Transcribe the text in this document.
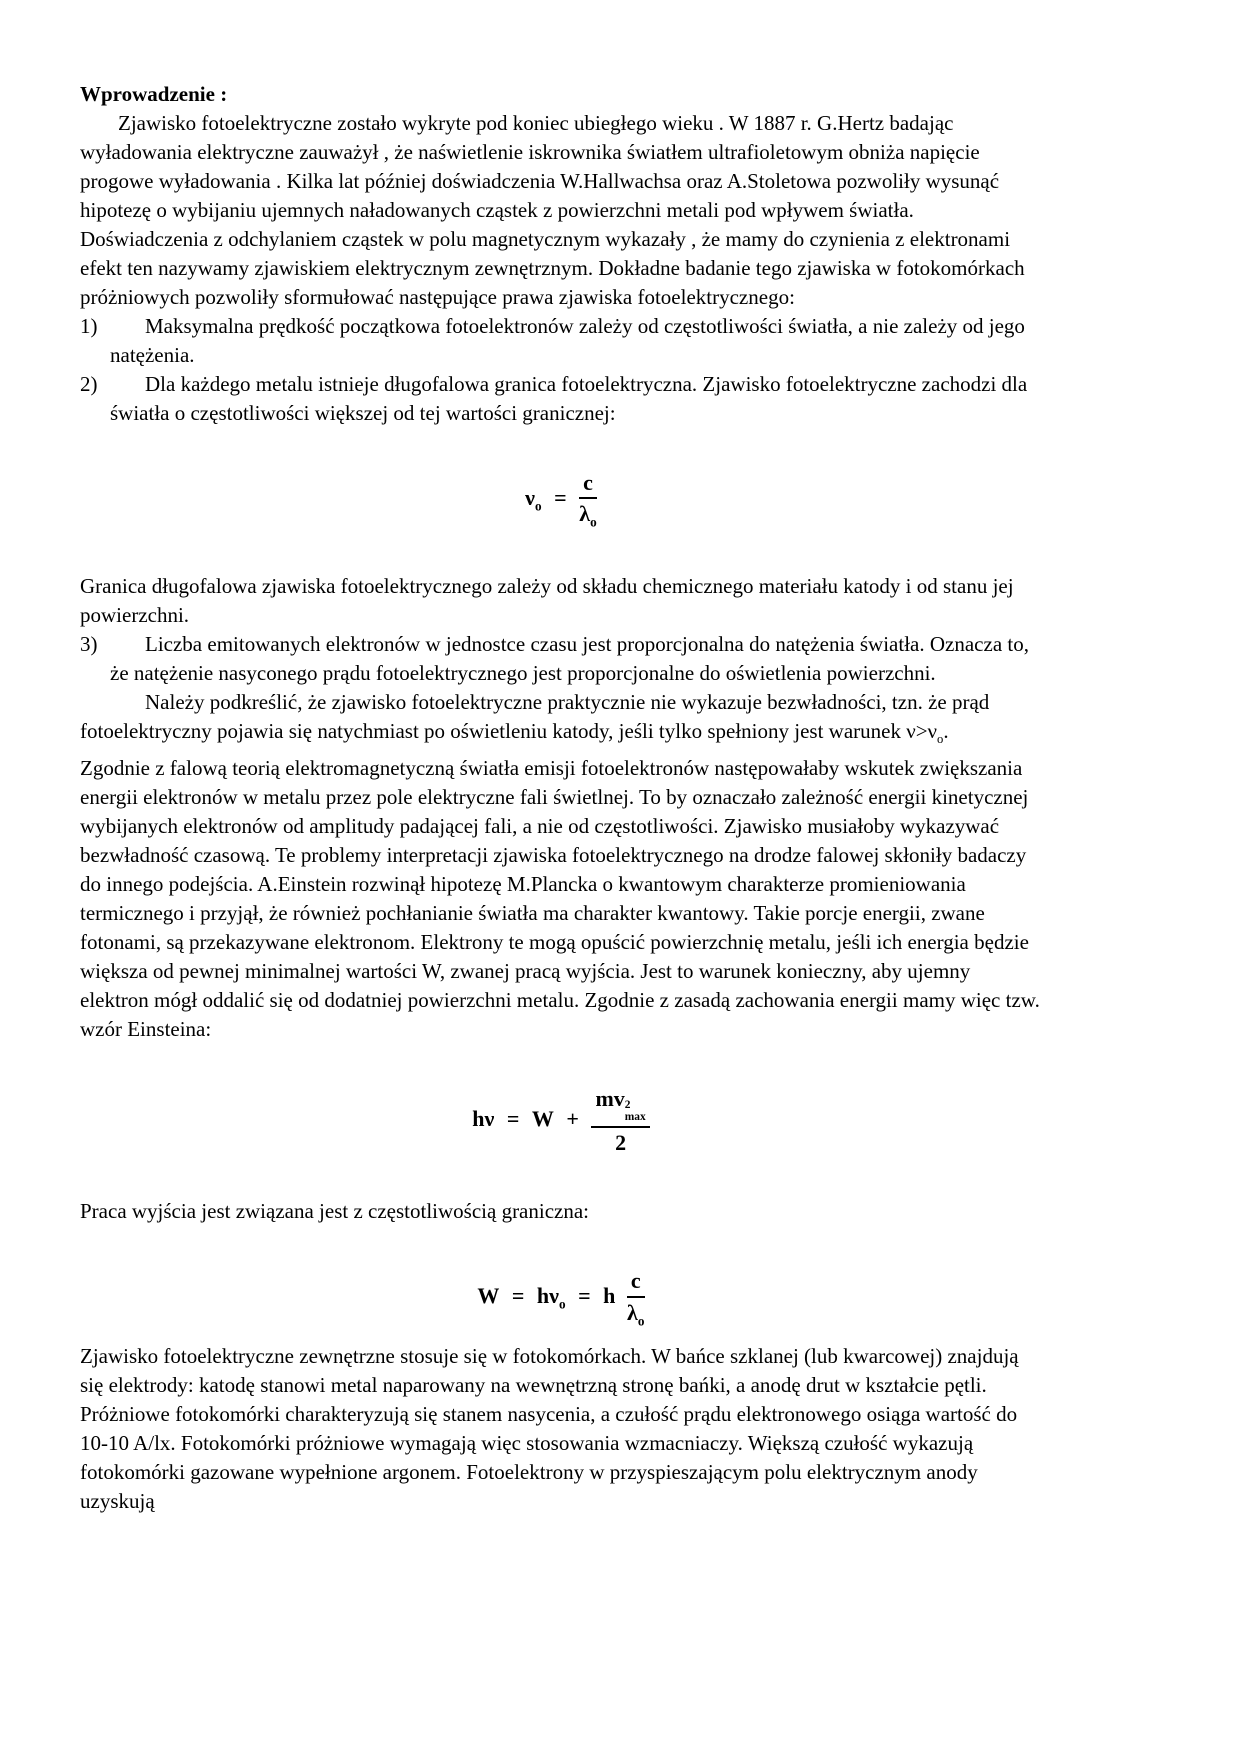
Wprowadzenie :

Zjawisko fotoelektryczne zostało wykryte pod koniec ubiegłego wieku . W 1887 r. G.Hertz badając wyładowania elektryczne zauważył , że naświetlenie iskrownika światłem ultrafioletowym obniża napięcie progowe wyładowania . Kilka lat później doświadczenia W.Hallwachsa oraz A.Stoletowa pozwoliły wysunąć hipotezę o wybijaniu ujemnych naładowanych cząstek z powierzchni metali pod wpływem światła. Doświadczenia z odchylaniem cząstek w polu magnetycznym wykazały , że mamy do czynienia z elektronami efekt ten nazywamy zjawiskiem elektrycznym zewnętrznym. Dokładne badanie tego zjawiska w fotokomórkach próżniowych pozwoliły sformułować następujące prawa zjawiska fotoelektrycznego:

1)	Maksymalna prędkość początkowa fotoelektronów zależy od częstotliwości światła, a nie zależy od jego natężenia.
2)	Dla każdego metalu istnieje długofalowa granica fotoelektryczna. Zjawisko fotoelektryczne zachodzi dla światła o częstotliwości większej od tej wartości granicznej:
$\nu_o = \frac{c}{\lambda_o}$

Granica długofalowa zjawiska fotoelektrycznego zależy od składu chemicznego materiału katody i od stanu jej powierzchni.

3)	Liczba emitowanych elektronów w jednostce czasu jest proporcjonalna do natężenia światła. Oznacza to, że natężenie nasyconego prądu fotoelektrycznego jest proporcjonalne do oświetlenia powierzchni.

Należy podkreślić, że zjawisko fotoelektryczne praktycznie nie wykazuje bezwładności, tzn. że prąd fotoelektryczny pojawia się natychmiast po oświetleniu katody, jeśli tylko spełniony jest warunek $\nu>\nu_o$.

Zgodnie z falową teorią elektromagnetyczną światła emisji fotoelektronów następowałaby wskutek zwiększania energii elektronów w metalu przez pole elektryczne fali świetlnej. To by oznaczało zależność energii kinetycznej wybijanych elektronów od amplitudy padającej fali, a nie od częstotliwości. Zjawisko musiałoby wykazywać bezwładność czasową. Te problemy interpretacji zjawiska fotoelektrycznego na drodze falowej skłoniły badaczy do innego podejścia. A.Einstein rozwinął hipotezę M.Plancka o kwantowym charakterze promieniowania termicznego i przyjął, że również pochłanianie światła ma charakter kwantowy. Takie porcje energii, zwane fotonami, są przekazywane elektronom. Elektrony te mogą opuścić powierzchnię metalu, jeśli ich energia będzie większa od pewnej minimalnej wartości W, zwanej pracą wyjścia. Jest to warunek konieczny, aby ujemny elektron mógł oddalić się od dodatniej powierzchni metalu. Zgodnie z zasadą zachowania energii mamy więc tzw. wzór Einsteina:

hν = W + mv 2
max
2

Praca wyjścia jest związana jest z częstotliwością graniczna:

$W = h\nu_o = h \frac{c}{\lambda_o}$

Zjawisko fotoelektryczne zewnętrzne stosuje się w fotokomórkach. W bańce szklanej (lub kwarcowej) znajdują się elektrody: katodę stanowi metal naparowany na wewnętrzną stronę bańki, a anodę drut w kształcie pętli. Próżniowe fotokomórki charakteryzują się stanem nasycenia, a czułość prądu elektronowego osiąga wartość do 10-10 A/lx. Fotokomórki próżniowe wymagają więc stosowania wzmacniaczy. Większą czułość wykazują fotokomórki gazowane wypełnione argonem. Fotoelektrony w przyspieszającym polu elektrycznym anody uzyskują
